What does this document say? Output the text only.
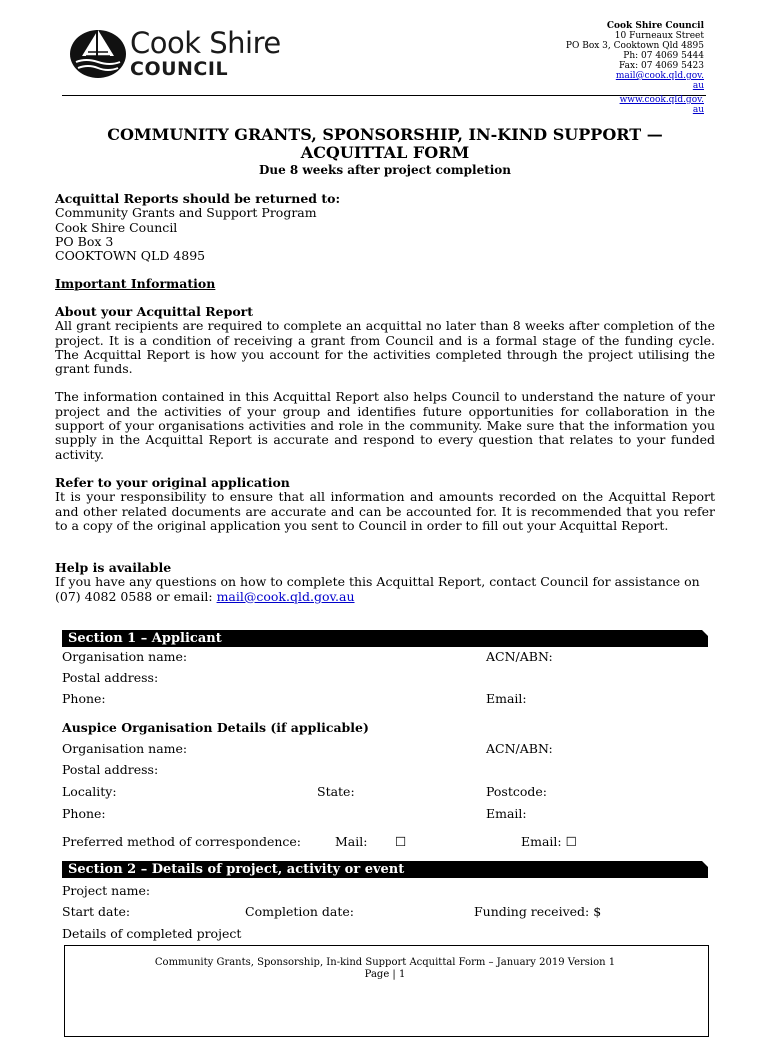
Cook Shire
COUNCIL
Cook Shire Council
10 Furneaux Street
PO Box 3, Cooktown Qld 4895
Ph: 07 4069 5444
Fax: 07 4069 5423
mail@cook.qld.gov.
au
www.cook.qld.gov.
au
COMMUNITY GRANTS, SPONSORSHIP, IN-KIND SUPPORT —
ACQUITTAL FORM
Due 8 weeks after project completion
Acquittal Reports should be returned to:
Community Grants and Support Program
Cook Shire Council
PO Box 3
COOKTOWN QLD 4895
Important Information
About your Acquittal Report

All grant recipients are required to complete an acquittal no later than 8 weeks after completion of the project. It is a condition of receiving a grant from Council and is a formal stage of the funding cycle. The Acquittal Report is how you account for the activities completed through the project utilising the grant funds.

The information contained in this Acquittal Report also helps Council to understand the nature of your project and the activities of your group and identifies future opportunities for collaboration in the support of your organisations activities and role in the community. Make sure that the information you supply in the Acquittal Report is accurate and respond to every question that relates to your funded activity.

Refer to your original application

It is your responsibility to ensure that all information and amounts recorded on the Acquittal Report and other related documents are accurate and can be accounted for. It is recommended that you refer to a copy of the original application you sent to Council in order to fill out your Acquittal Report.

Help is available

If you have any questions on how to complete this Acquittal Report, contact Council for assistance on

(07) 4082 0588 or email: mail@cook.qld.gov.au
Section 1 – Applicant
Organisation name:	ACN/ABN:
Postal address:
Phone:	Email:
Auspice Organisation Details (if applicable)
Organisation name:	ACN/ABN:
Postal address:
Locality:	State:	Postcode:
Phone:	Email:
Preferred method of correspondence:	Mail: ☐	Email: ☐
Section 2 – Details of project, activity or event
Project name:
Start date:	Completion date:	Funding received: $
Details of completed project
Community Grants, Sponsorship, In-kind Support Acquittal Form – January 2019 Version 1
Page | 1
